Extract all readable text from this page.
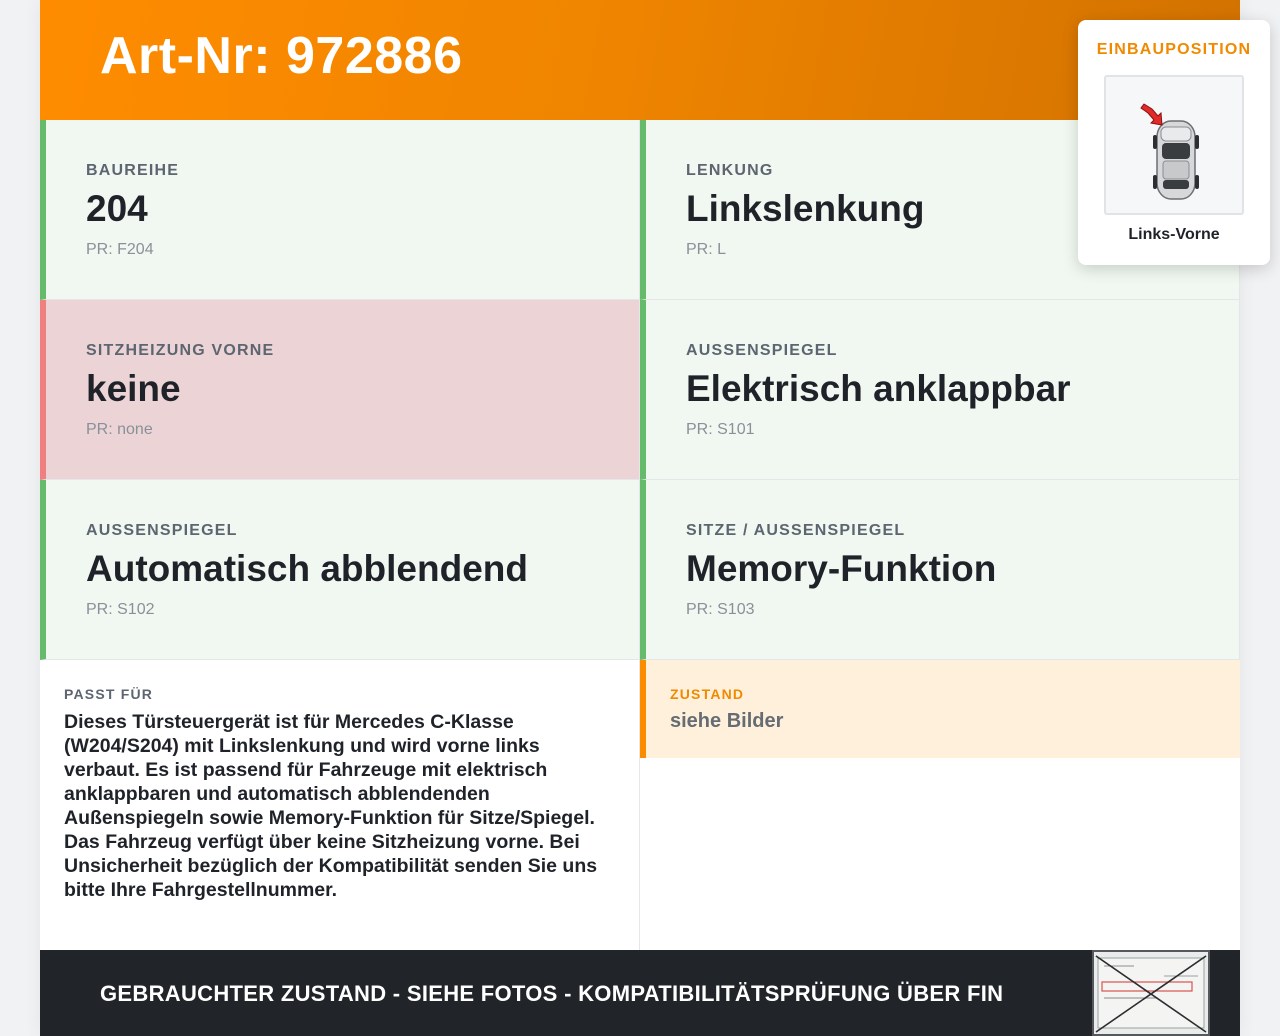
Art-Nr: 972886
BAUREIHE
204
PR: F204
LENKUNG
Linkslenkung
PR: L
SITZHEIZUNG VORNE
keine
PR: none
AUSSENSPIEGEL
Elektrisch anklappbar
PR: S101
AUSSENSPIEGEL
Automatisch abblendend
PR: S102
SITZE / AUSSENSPIEGEL
Memory-Funktion
PR: S103
PASST FÜR
Dieses Türsteuergerät ist für Mercedes C-Klasse (W204/S204) mit Linkslenkung und wird vorne links verbaut. Es ist passend für Fahrzeuge mit elektrisch anklappbaren und automatisch abblendenden Außenspiegeln sowie Memory-Funktion für Sitze/Spiegel. Das Fahrzeug verfügt über keine Sitzheizung vorne. Bei Unsicherheit bezüglich der Kompatibilität senden Sie uns bitte Ihre Fahrgestellnummer.
ZUSTAND
siehe Bilder
GEBRAUCHTER ZUSTAND - SIEHE FOTOS - KOMPATIBILITÄTSPRÜFUNG ÜBER FIN
EINBAUPOSITION
Links-Vorne
